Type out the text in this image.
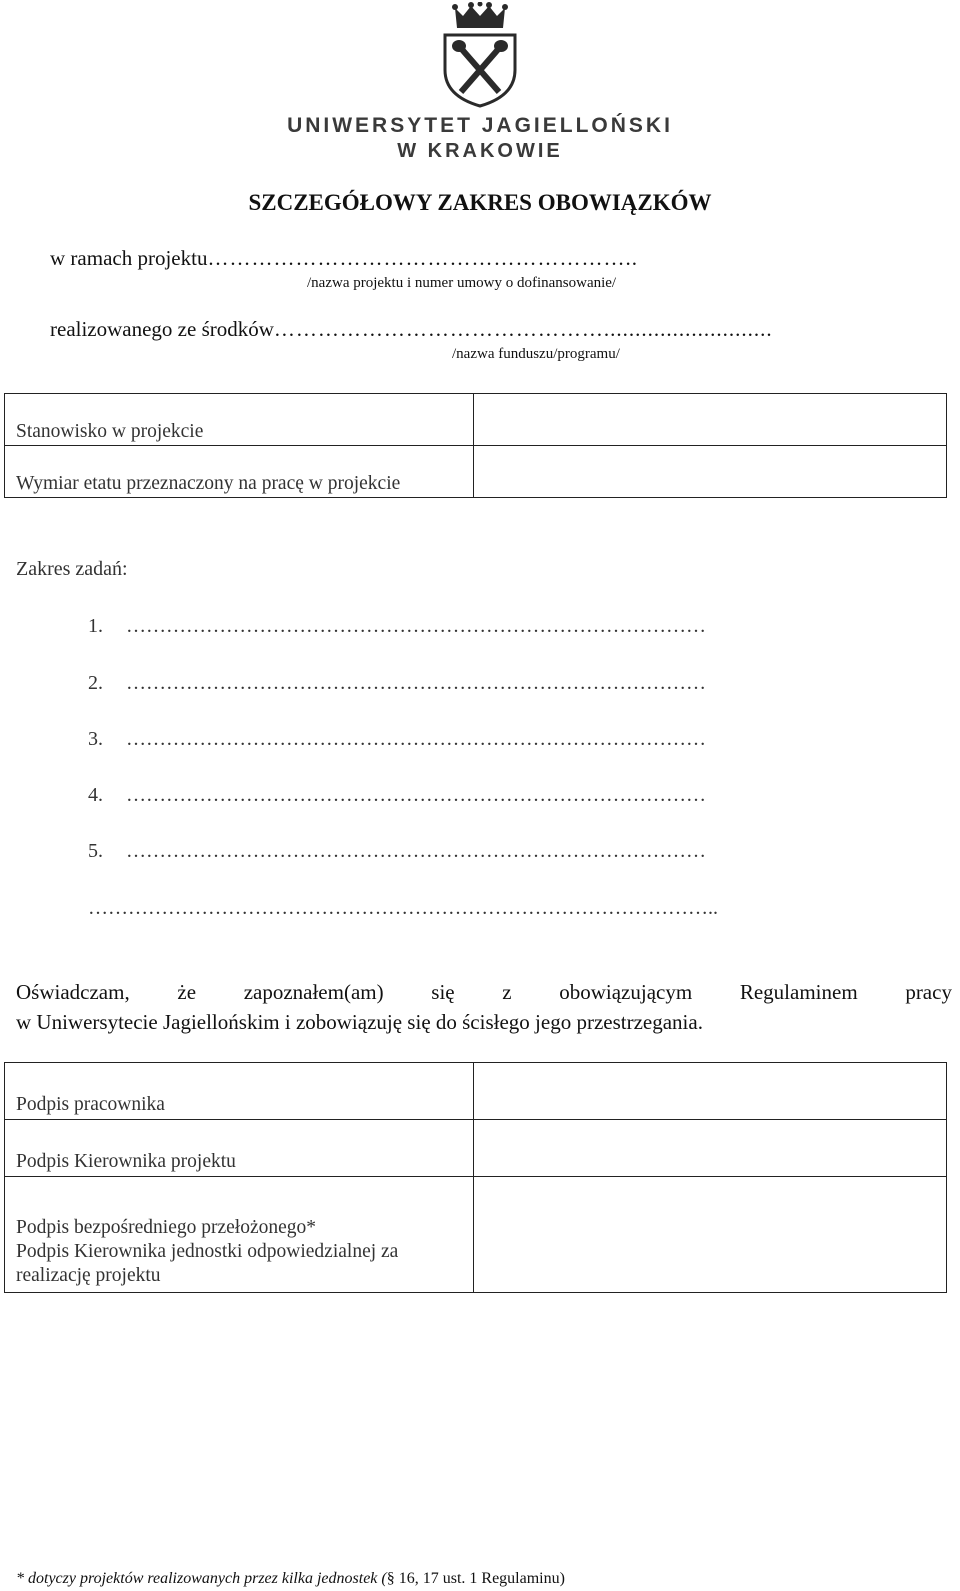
UNIWERSYTET JAGIELLOŃSKI
W KRAKOWIE
SZCZEGÓŁOWY ZAKRES OBOWIĄZKÓW
w ramach projektu…………………………………………………..
/nazwa projektu i numer umowy o dofinansowanie/
realizowanego ze środków………………………………………...........................
/nazwa funduszu/programu/
Stanowisko w projekcie	
Wymiar etatu przeznaczony na pracę w projekcie	
Zakres zadań:
1. ……………………………………………………………………………
2. ……………………………………………………………………………
3. ……………………………………………………………………………
4. ……………………………………………………………………………
5. ……………………………………………………………………………
…………………………………………………………………………………..
Oświadczam, że zapoznałem(am) się z obowiązującym Regulaminem pracy
w Uniwersytecie Jagiellońskim i zobowiązuję się do ścisłego jego przestrzegania.
Podpis pracownika	
Podpis Kierownika projektu	

Podpis bezpośredniego przełożonego*
Podpis Kierownika jednostki odpowiedzialnej za realizację projektu	

* dotyczy projektów realizowanych przez kilka jednostek (§ 16, 17 ust. 1 Regulaminu)
